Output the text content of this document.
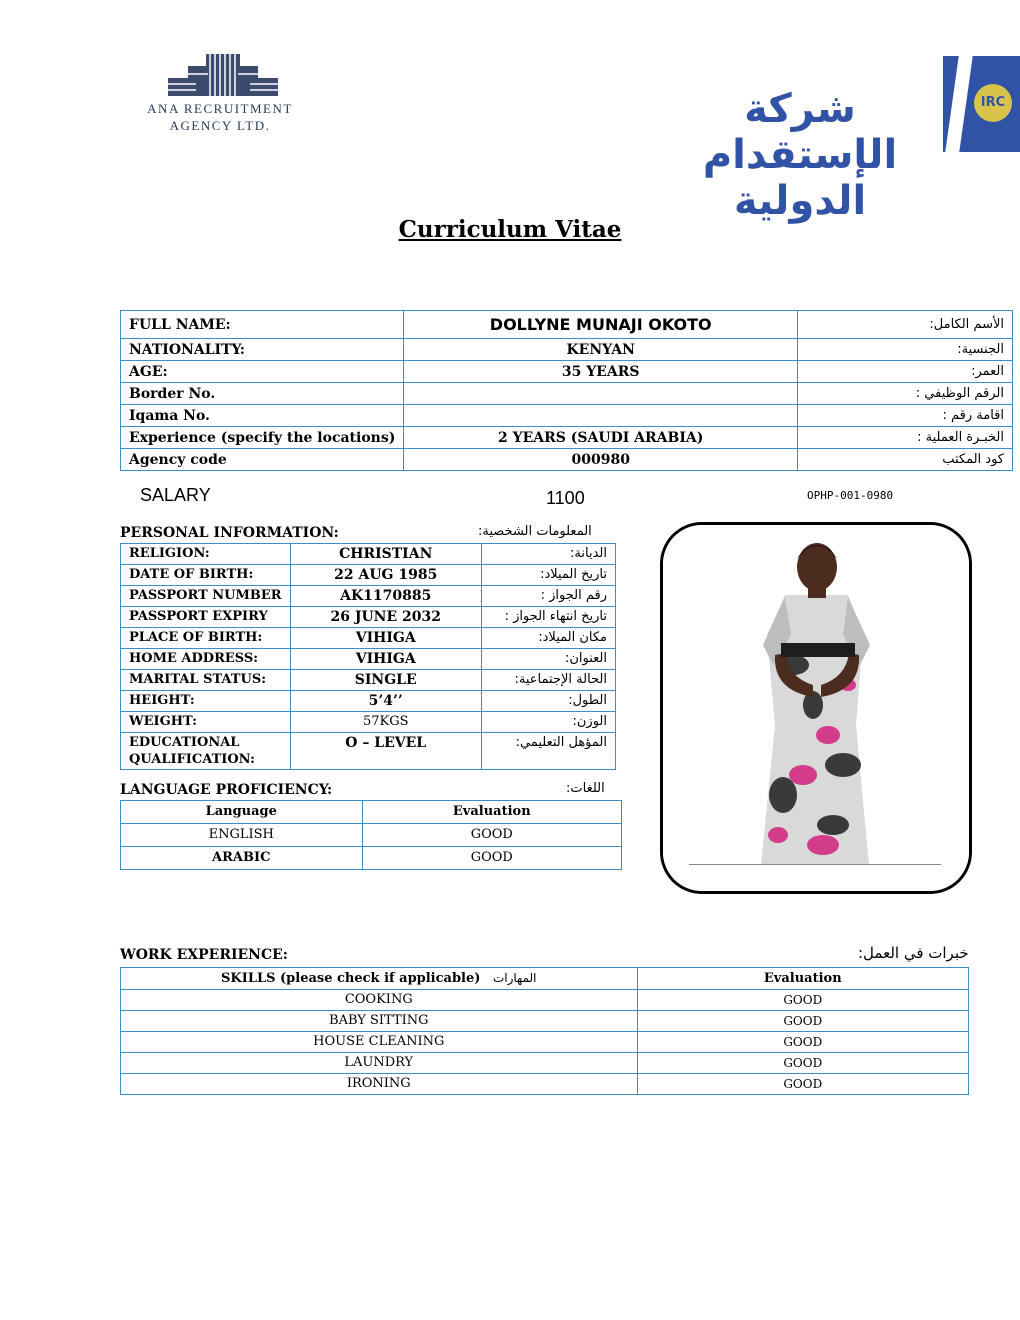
ANA RECRUITMENT
AGENCY LTD.	شركة الإستقدام الدولية
IRC
Curriculum Vitae
FULL NAME:	DOLLYNE MUNAJI OKOTO	الأسم الكامل:
NATIONALITY:	KENYAN	الجنسية:
AGE:	35 YEARS	العمر:
Border No.		الرقم الوظيفي :
Iqama No.		اقامة رقم :
Experience (specify the locations)	2 YEARS (SAUDI ARABIA)	الخبـرة العملية :
Agency code	000980	كود المكتب
SALARY	1100	OPHP-001-0980
PERSONAL INFORMATION:	المعلومات الشخصية:
RELIGION:	CHRISTIAN	الديانة:
DATE OF BIRTH:	22 AUG 1985	تاريخ الميلاد:
PASSPORT NUMBER	AK1170885	رقم الجواز :
PASSPORT EXPIRY	26 JUNE 2032	تاريخ انتهاء الجواز :
PLACE OF BIRTH:	VIHIGA	مكان الميلاد:
HOME ADDRESS:	VIHIGA	العنوان:
MARITAL STATUS:	SINGLE	الحالة الإجتماعية:
HEIGHT:	5’4’’	الطول:
WEIGHT:	57KGS	الوزن:
EDUCATIONAL QUALIFICATION:	O – LEVEL	المؤهل التعليمي:
LANGUAGE PROFICIENCY:	اللغات:
Language	Evaluation
ENGLISH	GOOD
ARABIC	GOOD
WORK EXPERIENCE:	خبرات في العمل:
SKILLS (please check if applicable) المهارات	Evaluation
COOKING	GOOD
BABY SITTING	GOOD
HOUSE CLEANING	GOOD
LAUNDRY	GOOD
IRONING	GOOD
